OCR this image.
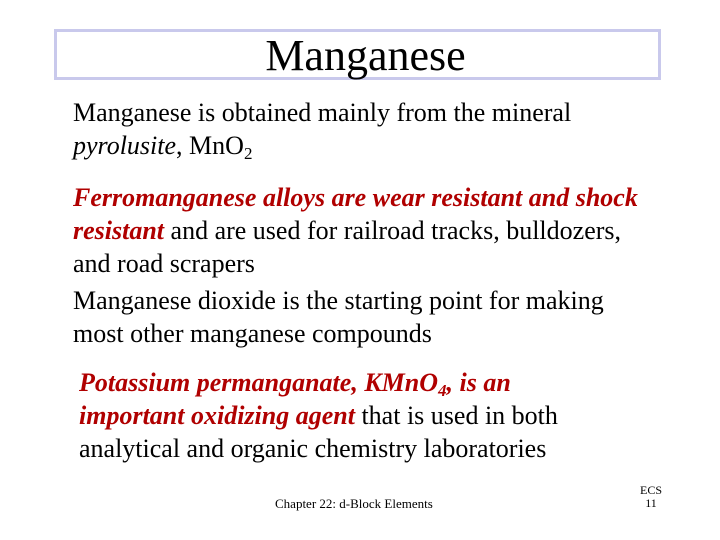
Manganese
Manganese is obtained mainly from the mineral
pyrolusite, MnO$_2$
Ferromanganese alloys are wear resistant and shock
resistant and are used for railroad tracks, bulldozers,
and road scrapers
Manganese dioxide is the starting point for making
most other manganese compounds
Potassium permanganate, KMnO$_4$, is an
important oxidizing agent that is used in both
analytical and organic chemistry laboratories
Chapter 22: d-Block Elements
ECS
11
